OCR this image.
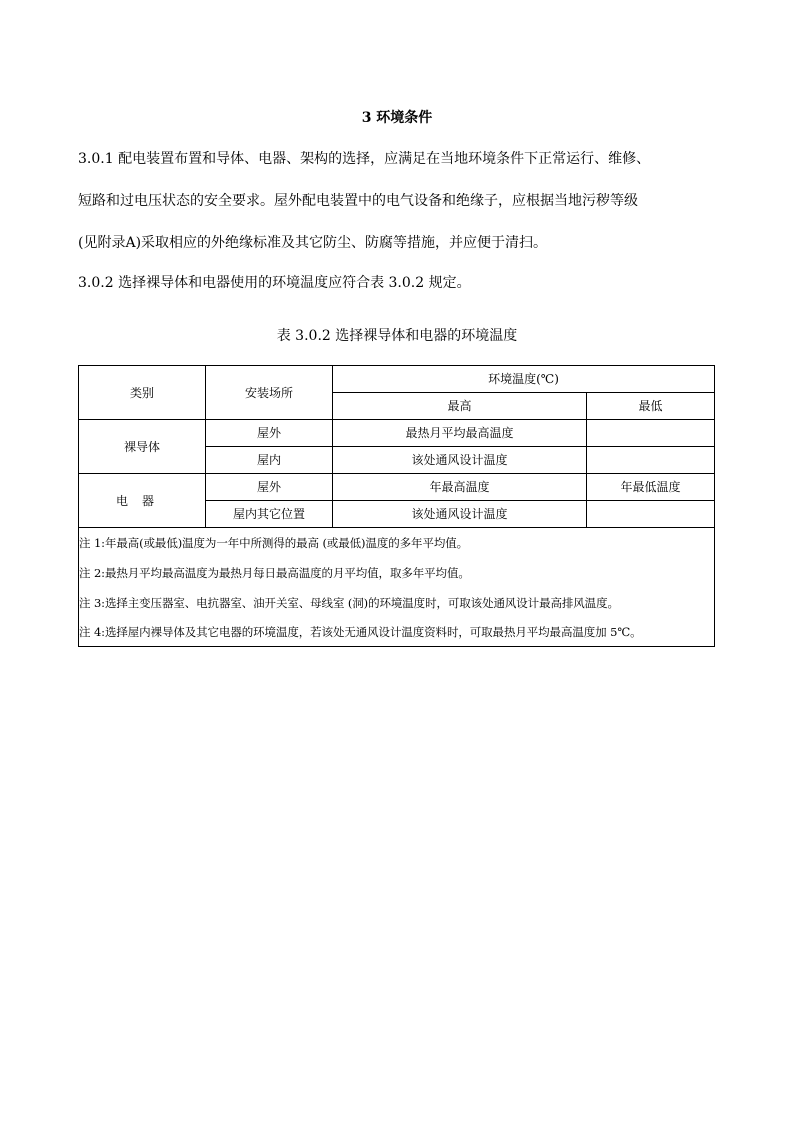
3 环境条件
3.0.1 配电装置布置和导体、电器、架构的选择，应满足在当地环境条件下正常运行、维修、
短路和过电压状态的安全要求。屋外配电装置中的电气设备和绝缘子，应根据当地污秽等级
(见附录A)采取相应的外绝缘标准及其它防尘、防腐等措施，并应便于清扫。
3.0.2 选择裸导体和电器使用的环境温度应符合表 3.0.2 规定。
表 3.0.2 选择裸导体和电器的环境温度
类别	安装场所	环境温度(℃)	
		最高	最低
裸导体	屋外	最热月平均最高温度	
	屋内	该处通风设计温度	
电器	屋外	年最高温度	年最低温度
	屋内其它位置	该处通风设计温度	
注 1:年最高(或最低)温度为一年中所测得的最高 (或最低)温度的多年平均值。			
注 2:最热月平均最高温度为最热月每日最高温度的月平均值，取多年平均值。			
注 3:选择主变压器室、电抗器室、油开关室、母线室 (洞)的环境温度时，可取该处通风设计最高排风温度。			
注 4:选择屋内裸导体及其它电器的环境温度，若该处无通风设计温度资料时，可取最热月平均最高温度加 5℃。			
